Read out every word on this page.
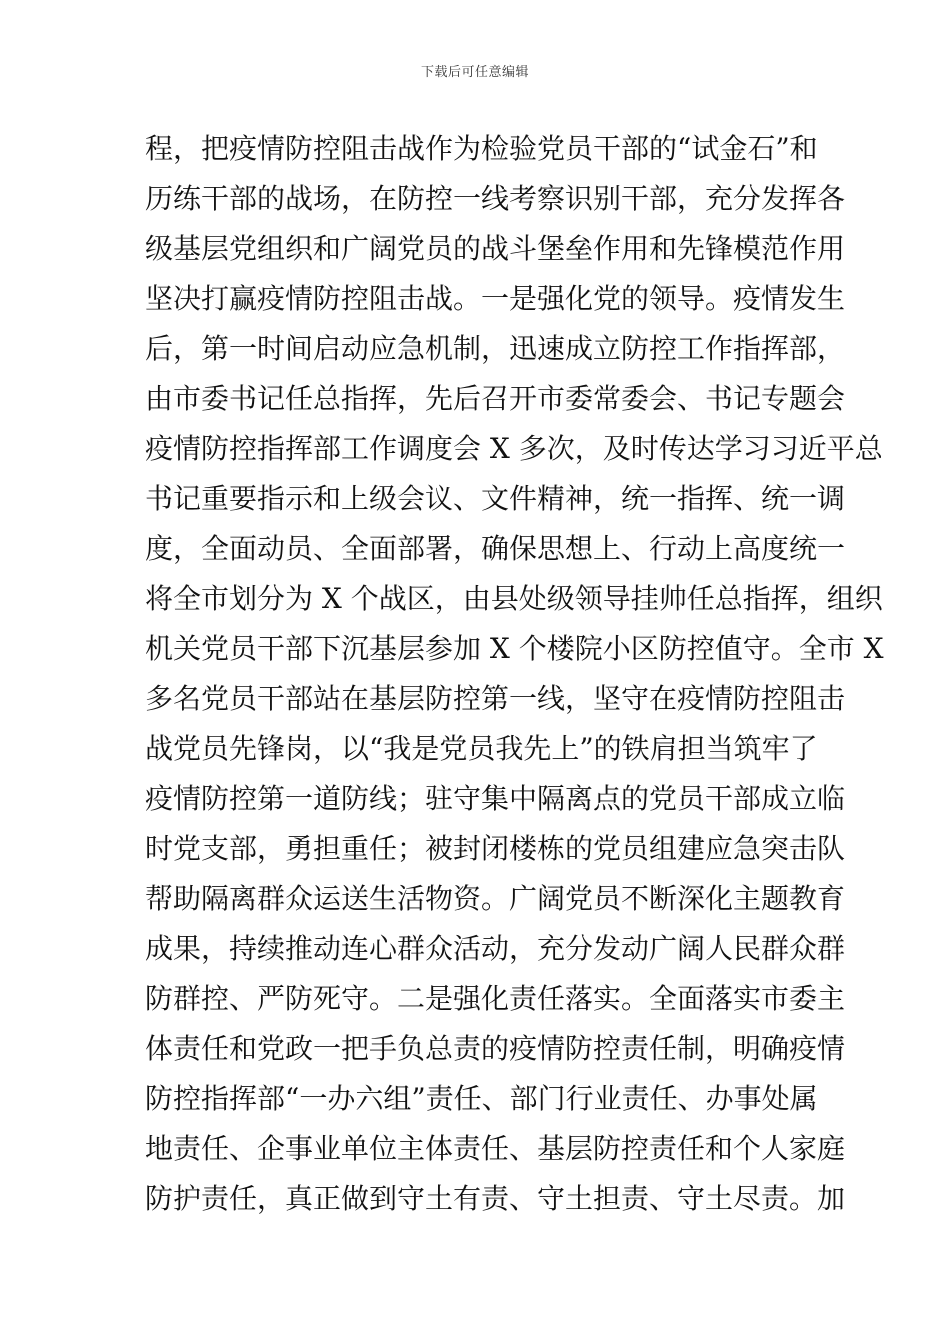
下载后可任意编辑
程，把疫情防控阻击战作为检验党员干部的“试金石”和
历练干部的战场，在防控一线考察识别干部，充分发挥各
级基层党组织和广阔党员的战斗堡垒作用和先锋模范作用
坚决打赢疫情防控阻击战。一是强化党的领导。疫情发生
后，第一时间启动应急机制，迅速成立防控工作指挥部，
由市委书记任总指挥，先后召开市委常委会、书记专题会
疫情防控指挥部工作调度会 X 多次，及时传达学习习近平总
书记重要指示和上级会议、文件精神，统一指挥、统一调
度，全面动员、全面部署，确保思想上、行动上高度统一
将全市划分为 X 个战区，由县处级领导挂帅任总指挥，组织
机关党员干部下沉基层参加 X 个楼院小区防控值守。全市 X
多名党员干部站在基层防控第一线，坚守在疫情防控阻击
战党员先锋岗，以“我是党员我先上”的铁肩担当筑牢了
疫情防控第一道防线；驻守集中隔离点的党员干部成立临
时党支部，勇担重任；被封闭楼栋的党员组建应急突击队
帮助隔离群众运送生活物资。广阔党员不断深化主题教育
成果，持续推动连心群众活动，充分发动广阔人民群众群
防群控、严防死守。二是强化责任落实。全面落实市委主
体责任和党政一把手负总责的疫情防控责任制，明确疫情
防控指挥部“一办六组”责任、部门行业责任、办事处属
地责任、企事业单位主体责任、基层防控责任和个人家庭
防护责任，真正做到守土有责、守土担责、守土尽责。加
